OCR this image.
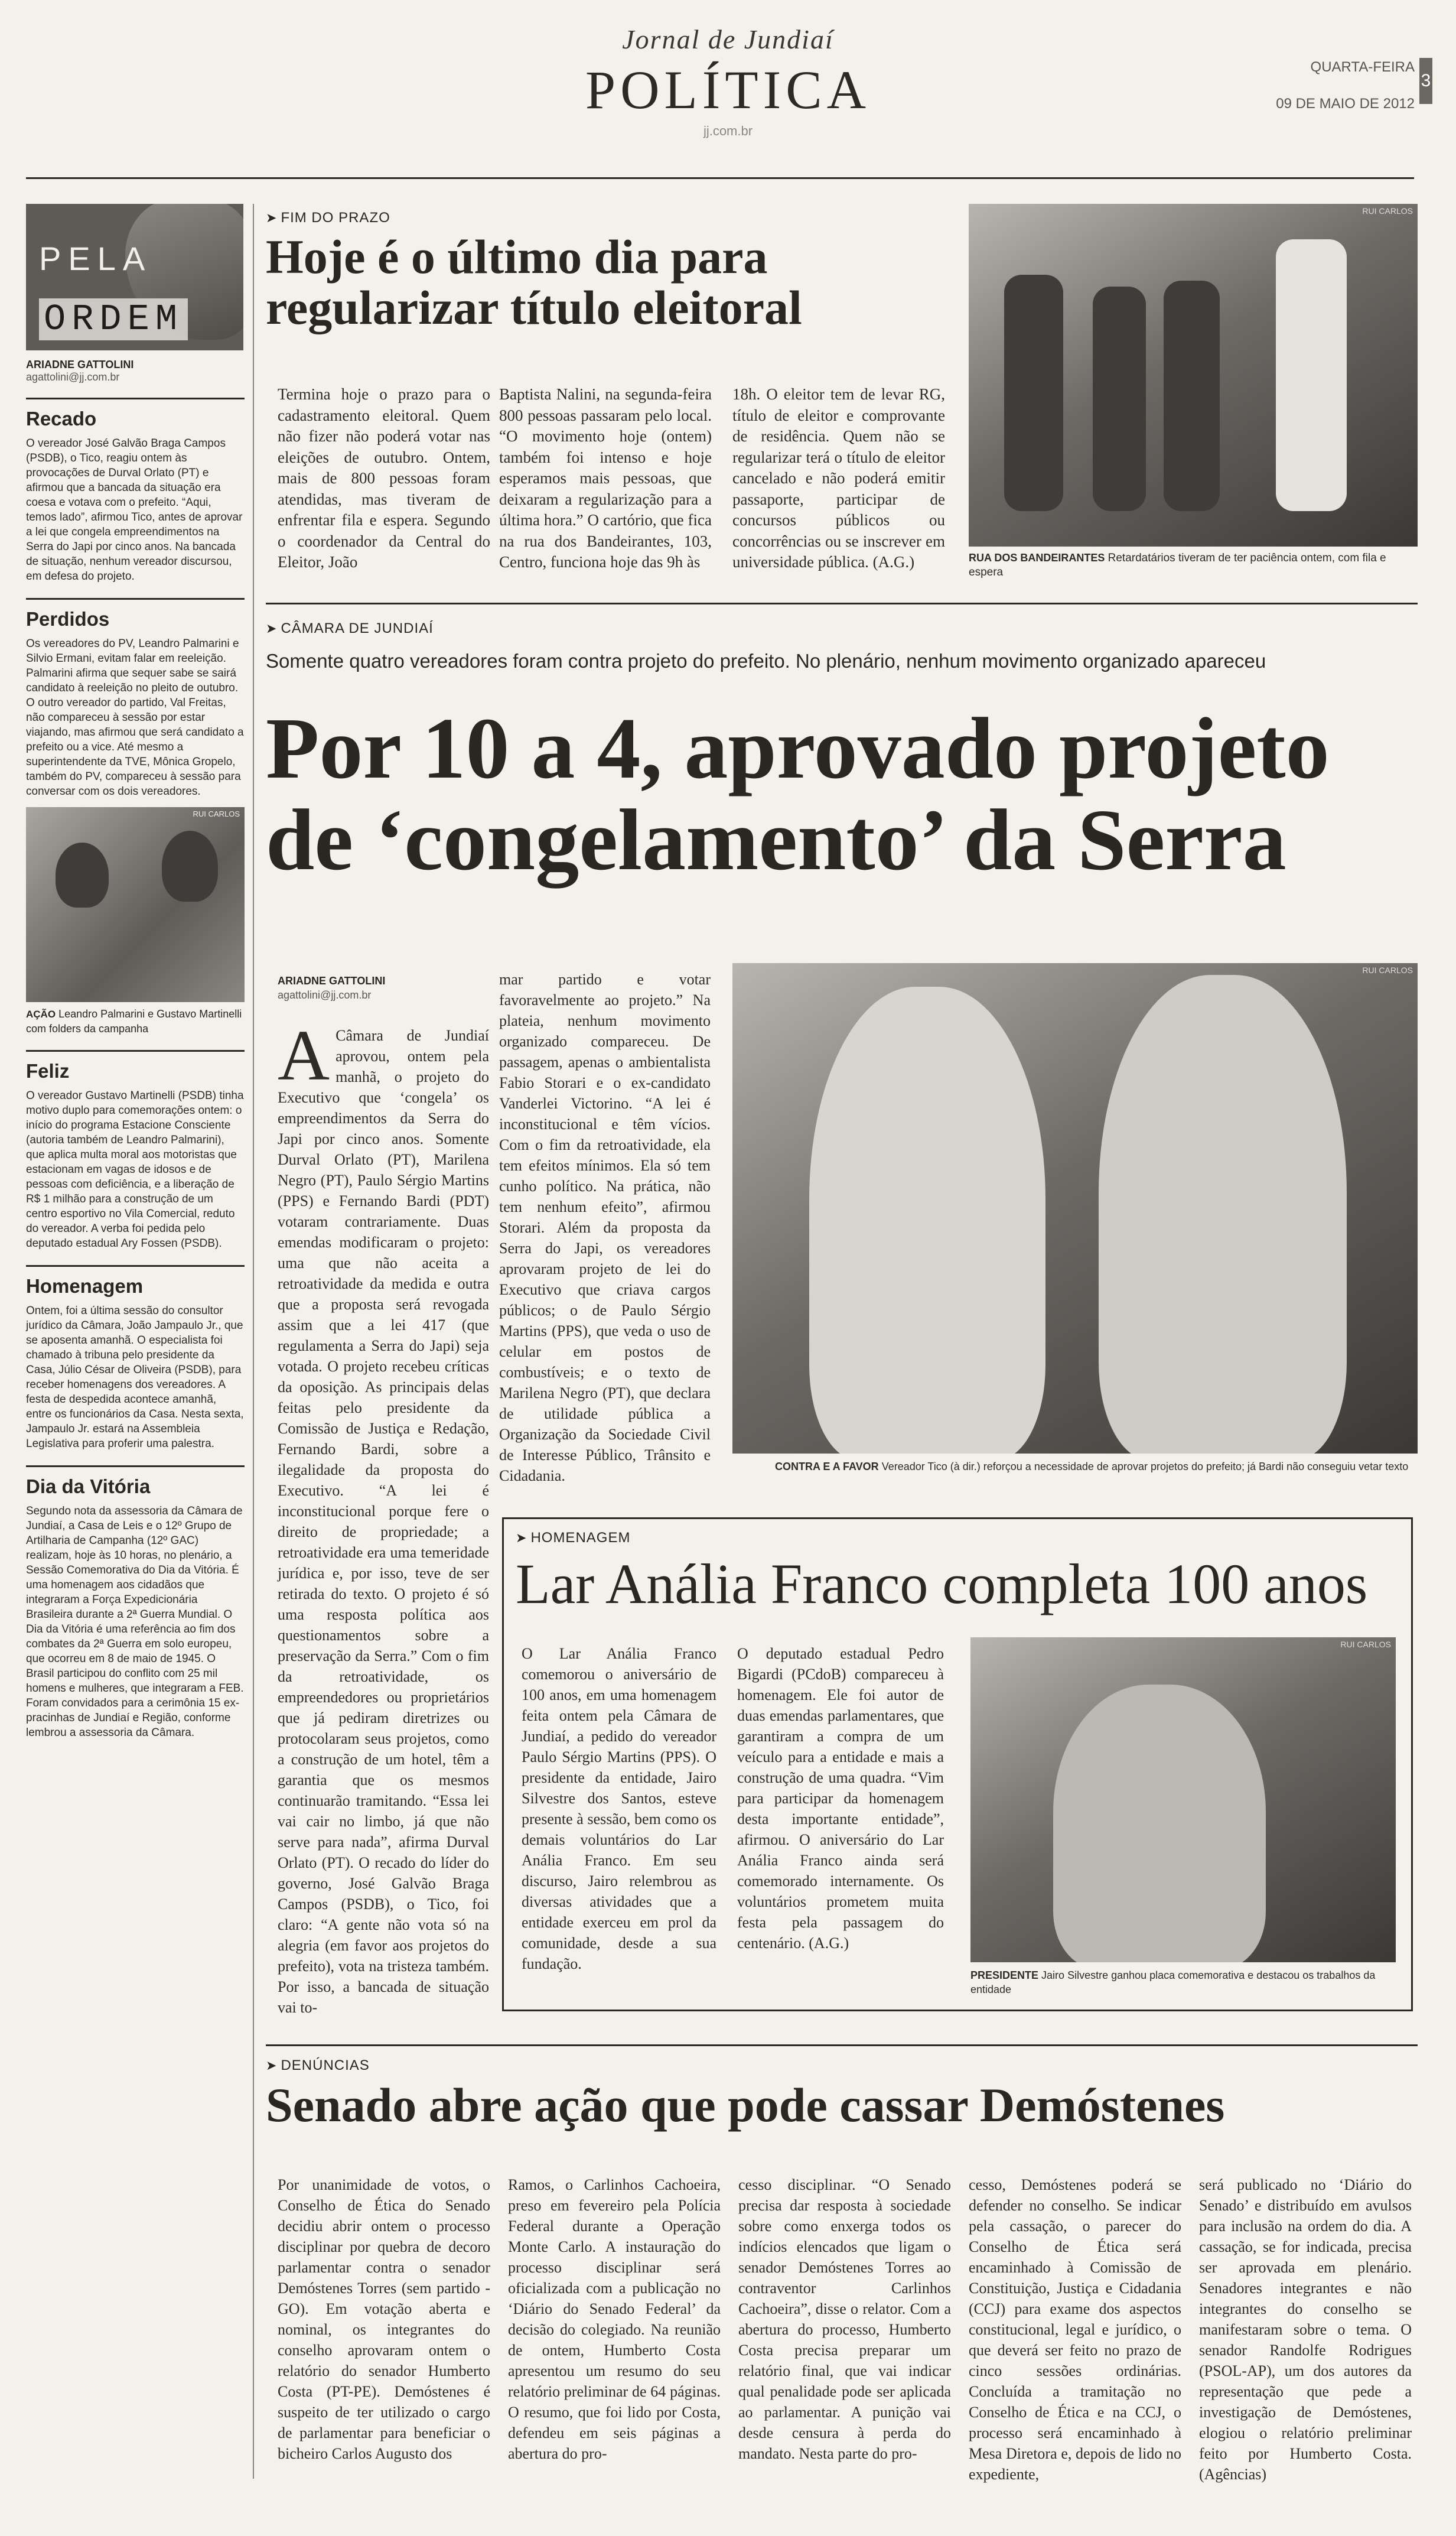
Jornal de Jundiaí
POLÍTICA
jj.com.br
QUARTA-FEIRA
09 DE MAIO DE 2012
3
PELA
ORDEM
ARIADNE GATTOLINI
agattolini@jj.com.br
Recado
O vereador José Galvão Braga Campos (PSDB), o Tico, reagiu ontem às provocações de Durval Orlato (PT) e afirmou que a bancada da situação era coesa e votava com o prefeito. “Aqui, temos lado”, afirmou Tico, antes de aprovar a lei que congela empreendimentos na Serra do Japi por cinco anos. Na bancada de situação, nenhum vereador discursou, em defesa do projeto.
Perdidos
Os vereadores do PV, Leandro Palmarini e Silvio Ermani, evitam falar em reeleição. Palmarini afirma que sequer sabe se sairá candidato à reeleição no pleito de outubro. O outro vereador do partido, Val Freitas, não compareceu à sessão por estar viajando, mas afirmou que será candidato a prefeito ou a vice. Até mesmo a superintendente da TVE, Mônica Gropelo, também do PV, compareceu à sessão para conversar com os dois vereadores.
RUI CARLOS
AÇÃO Leandro Palmarini e Gustavo Martinelli com folders da campanha
Feliz
O vereador Gustavo Martinelli (PSDB) tinha motivo duplo para comemorações ontem: o início do programa Estacione Consciente (autoria também de Leandro Palmarini), que aplica multa moral aos motoristas que estacionam em vagas de idosos e de pessoas com deficiência, e a liberação de R$ 1 milhão para a construção de um centro esportivo no Vila Comercial, reduto do vereador. A verba foi pedida pelo deputado estadual Ary Fossen (PSDB).
Homenagem
Ontem, foi a última sessão do consultor jurídico da Câmara, João Jampaulo Jr., que se aposenta amanhã. O especialista foi chamado à tribuna pelo presidente da Casa, Júlio César de Oliveira (PSDB), para receber homenagens dos vereadores. A festa de despedida acontece amanhã, entre os funcionários da Casa. Nesta sexta, Jampaulo Jr. estará na Assembleia Legislativa para proferir uma palestra.
Dia da Vitória
Segundo nota da assessoria da Câmara de Jundiaí, a Casa de Leis e o 12º Grupo de Artilharia de Campanha (12º GAC) realizam, hoje às 10 horas, no plenário, a Sessão Comemorativa do Dia da Vitória. É uma homenagem aos cidadãos que integraram a Força Expedicionária Brasileira durante a 2ª Guerra Mundial. O Dia da Vitória é uma referência ao fim dos combates da 2ª Guerra em solo europeu, que ocorreu em 8 de maio de 1945. O Brasil participou do conflito com 25 mil homens e mulheres, que integraram a FEB. Foram convidados para a cerimônia 15 ex-pracinhas de Jundiaí e Região, conforme lembrou a assessoria da Câmara.
➤ FIM DO PRAZO
Hoje é o último dia para
regularizar título eleitoral
Termina hoje o prazo para o cadastramento eleitoral. Quem não fizer não poderá votar nas eleições de outubro. Ontem, mais de 800 pessoas foram atendidas, mas tiveram de enfrentar fila e espera. Segundo o coordenador da Central do Eleitor, João
Baptista Nalini, na segunda-feira 800 pessoas passaram pelo local. “O movimento hoje (ontem) também foi intenso e hoje esperamos mais pessoas, que deixaram a regularização para a última hora.” O cartório, que fica na rua dos Bandeirantes, 103, Centro, funciona hoje das 9h às
18h. O eleitor tem de levar RG, título de eleitor e comprovante de residência. Quem não se regularizar terá o título de eleitor cancelado e não poderá emitir passaporte, participar de concursos públicos ou concorrências ou se inscrever em universidade pública. (A.G.)
RUI CARLOS
RUA DOS BANDEIRANTES Retardatários tiveram de ter paciência ontem, com fila e espera
➤ CÂMARA DE JUNDIAÍ
Somente quatro vereadores foram contra projeto do prefeito. No plenário, nenhum movimento organizado apareceu
Por 10 a 4, aprovado projeto
de ‘congelamento’ da Serra
ARIADNE GATTOLINI
agattolini@jj.com.br
A Câmara de Jundiaí aprovou, ontem pela manhã, o projeto do Executivo que ‘congela’ os empreendimentos da Serra do Japi por cinco anos. Somente Durval Orlato (PT), Marilena Negro (PT), Paulo Sérgio Martins (PPS) e Fernando Bardi (PDT) votaram contrariamente. Duas emendas modificaram o projeto: uma que não aceita a retroatividade da medida e outra que a proposta será revogada assim que a lei 417 (que regulamenta a Serra do Japi) seja votada. O projeto recebeu críticas da oposição. As principais delas feitas pelo presidente da Comissão de Justiça e Redação, Fernando Bardi, sobre a ilegalidade da proposta do Executivo. “A lei é inconstitucional porque fere o direito de propriedade; a retroatividade era uma temeridade jurídica e, por isso, teve de ser retirada do texto. O projeto é só uma resposta política aos questionamentos sobre a preservação da Serra.” Com o fim da retroatividade, os empreendedores ou proprietários que já pediram diretrizes ou protocolaram seus projetos, como a construção de um hotel, têm a garantia que os mesmos continuarão tramitando. “Essa lei vai cair no limbo, já que não serve para nada”, afirma Durval Orlato (PT). O recado do líder do governo, José Galvão Braga Campos (PSDB), o Tico, foi claro: “A gente não vota só na alegria (em favor aos projetos do prefeito), vota na tristeza também. Por isso, a bancada de situação vai to-
mar partido e votar favoravelmente ao projeto.” Na plateia, nenhum movimento organizado compareceu. De passagem, apenas o ambientalista Fabio Storari e o ex-candidato Vanderlei Victorino. “A lei é inconstitucional e têm vícios. Com o fim da retroatividade, ela tem efeitos mínimos. Ela só tem cunho político. Na prática, não tem nenhum efeito”, afirmou Storari. Além da proposta da Serra do Japi, os vereadores aprovaram projeto de lei do Executivo que criava cargos públicos; o de Paulo Sérgio Martins (PPS), que veda o uso de celular em postos de combustíveis; e o texto de Marilena Negro (PT), que declara de utilidade pública a Organização da Sociedade Civil de Interesse Público, Trânsito e Cidadania.
RUI CARLOS
CONTRA E A FAVOR Vereador Tico (à dir.) reforçou a necessidade de aprovar projetos do prefeito; já Bardi não conseguiu vetar texto
➤ HOMENAGEM
Lar Anália Franco completa 100 anos
O Lar Anália Franco comemorou o aniversário de 100 anos, em uma homenagem feita ontem pela Câmara de Jundiaí, a pedido do vereador Paulo Sérgio Martins (PPS). O presidente da entidade, Jairo Silvestre dos Santos, esteve presente à sessão, bem como os demais voluntários do Lar Anália Franco. Em seu discurso, Jairo relembrou as diversas atividades que a entidade exerceu em prol da comunidade, desde a sua fundação.
O deputado estadual Pedro Bigardi (PCdoB) compareceu à homenagem. Ele foi autor de duas emendas parlamentares, que garantiram a compra de um veículo para a entidade e mais a construção de uma quadra. “Vim para participar da homenagem desta importante entidade”, afirmou. O aniversário do Lar Anália Franco ainda será comemorado internamente. Os voluntários prometem muita festa pela passagem do centenário. (A.G.)
RUI CARLOS
PRESIDENTE Jairo Silvestre ganhou placa comemorativa e destacou os trabalhos da entidade
➤ DENÚNCIAS
Senado abre ação que pode cassar Demóstenes
Por unanimidade de votos, o Conselho de Ética do Senado decidiu abrir ontem o processo disciplinar por quebra de decoro parlamentar contra o senador Demóstenes Torres (sem partido - GO). Em votação aberta e nominal, os integrantes do conselho aprovaram ontem o relatório do senador Humberto Costa (PT-PE). Demóstenes é suspeito de ter utilizado o cargo de parlamentar para beneficiar o bicheiro Carlos Augusto dos
Ramos, o Carlinhos Cachoeira, preso em fevereiro pela Polícia Federal durante a Operação Monte Carlo. A instauração do processo disciplinar será oficializada com a publicação no ‘Diário do Senado Federal’ da decisão do colegiado. Na reunião de ontem, Humberto Costa apresentou um resumo do seu relatório preliminar de 64 páginas. O resumo, que foi lido por Costa, defendeu em seis páginas a abertura do pro-
cesso disciplinar. “O Senado precisa dar resposta à sociedade sobre como enxerga todos os indícios elencados que ligam o senador Demóstenes Torres ao contraventor Carlinhos Cachoeira”, disse o relator. Com a abertura do processo, Humberto Costa precisa preparar um relatório final, que vai indicar qual penalidade pode ser aplicada ao parlamentar. A punição vai desde censura à perda do mandato. Nesta parte do pro-
cesso, Demóstenes poderá se defender no conselho. Se indicar pela cassação, o parecer do Conselho de Ética será encaminhado à Comissão de Constituição, Justiça e Cidadania (CCJ) para exame dos aspectos constitucional, legal e jurídico, o que deverá ser feito no prazo de cinco sessões ordinárias. Concluída a tramitação no Conselho de Ética e na CCJ, o processo será encaminhado à Mesa Diretora e, depois de lido no expediente,
será publicado no ‘Diário do Senado’ e distribuído em avulsos para inclusão na ordem do dia. A cassação, se for indicada, precisa ser aprovada em plenário. Senadores integrantes e não integrantes do conselho se manifestaram sobre o tema. O senador Randolfe Rodrigues (PSOL-AP), um dos autores da representação que pede a investigação de Demóstenes, elogiou o relatório preliminar feito por Humberto Costa. (Agências)
